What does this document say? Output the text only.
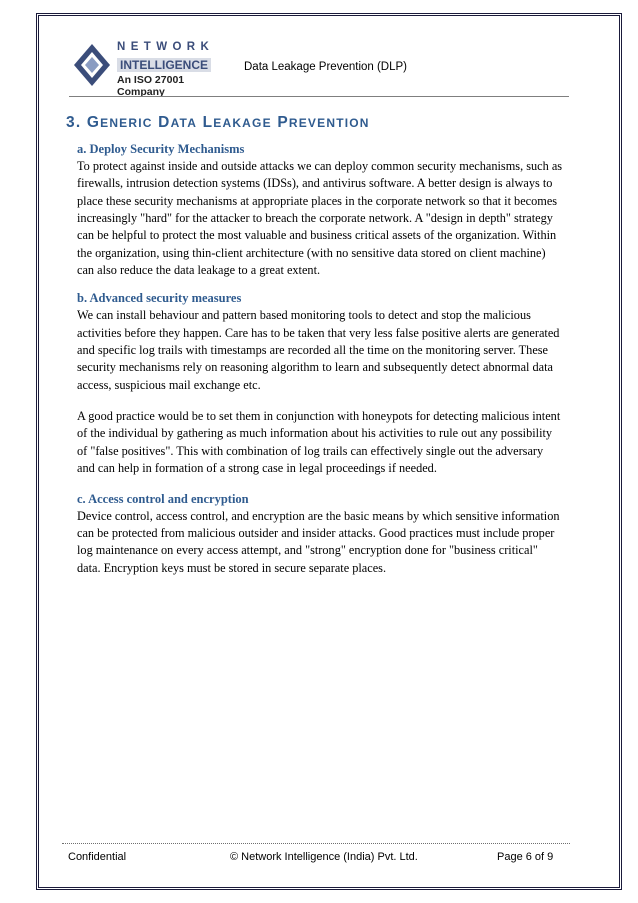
NETWORK
INTELLIGENCE
An ISO 27001 Company
Data Leakage Prevention (DLP)
3. GENERIC DATA LEAKAGE PREVENTION
a. Deploy Security Mechanisms

To protect against inside and outside attacks we can deploy common security mechanisms, such as firewalls, intrusion detection systems (IDSs), and antivirus software. A better design is always to place these security mechanisms at appropriate places in the corporate network so that it becomes increasingly "hard" for the attacker to breach the corporate network. A "design in depth" strategy can be helpful to protect the most valuable and business critical assets of the organization. Within the organization, using thin-client architecture (with no sensitive data stored on client machine) can also reduce the data leakage to a great extent.

b. Advanced security measures

We can install behaviour and pattern based monitoring tools to detect and stop the malicious activities before they happen. Care has to be taken that very less false positive alerts are generated and specific log trails with timestamps are recorded all the time on the monitoring server. These security mechanisms rely on reasoning algorithm to learn and subsequently detect abnormal data access, suspicious mail exchange etc.

A good practice would be to set them in conjunction with honeypots for detecting malicious intent of the individual by gathering as much information about his activities to rule out any possibility of "false positives". This with combination of log trails can effectively single out the adversary and can help in formation of a strong case in legal proceedings if needed.

c. Access control and encryption

Device control, access control, and encryption are the basic means by which sensitive information can be protected from malicious outsider and insider attacks. Good practices must include proper log maintenance on every access attempt, and "strong" encryption done for "business critical" data. Encryption keys must be stored in secure separate places.

Confidential	© Network Intelligence (India) Pvt. Ltd.	Page 6 of 9
